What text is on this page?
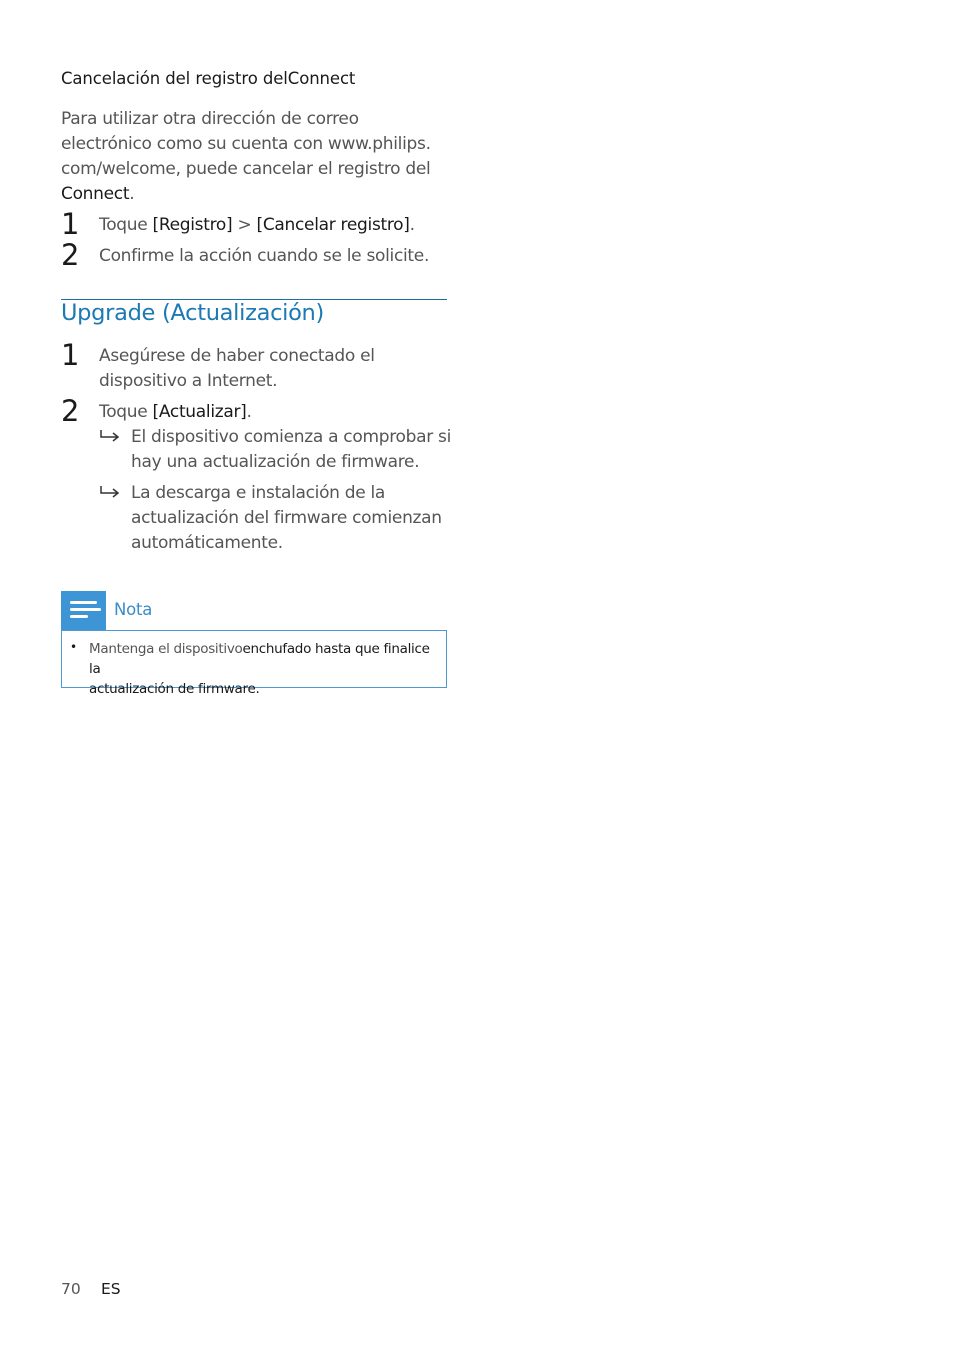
Cancelación del registro delConnect
Para utilizar otra dirección de correo
electrónico como su cuenta con www.philips.
com/welcome, puede cancelar el registro del
Connect.
1 Toque [Registro] > [Cancelar registro].
2 Confirme la acción cuando se le solicite.
Upgrade (Actualización)
1 Asegúrese de haber conectado el
dispositivo a Internet.
2 Toque [Actualizar].
El dispositivo comienza a comprobar si
hay una actualización de firmware.
La descarga e instalación de la
actualización del firmware comienzan
automáticamente.
Nota
• Mantenga el dispositivoenchufado hasta que finalice la
actualización de firmware.
70 ES
